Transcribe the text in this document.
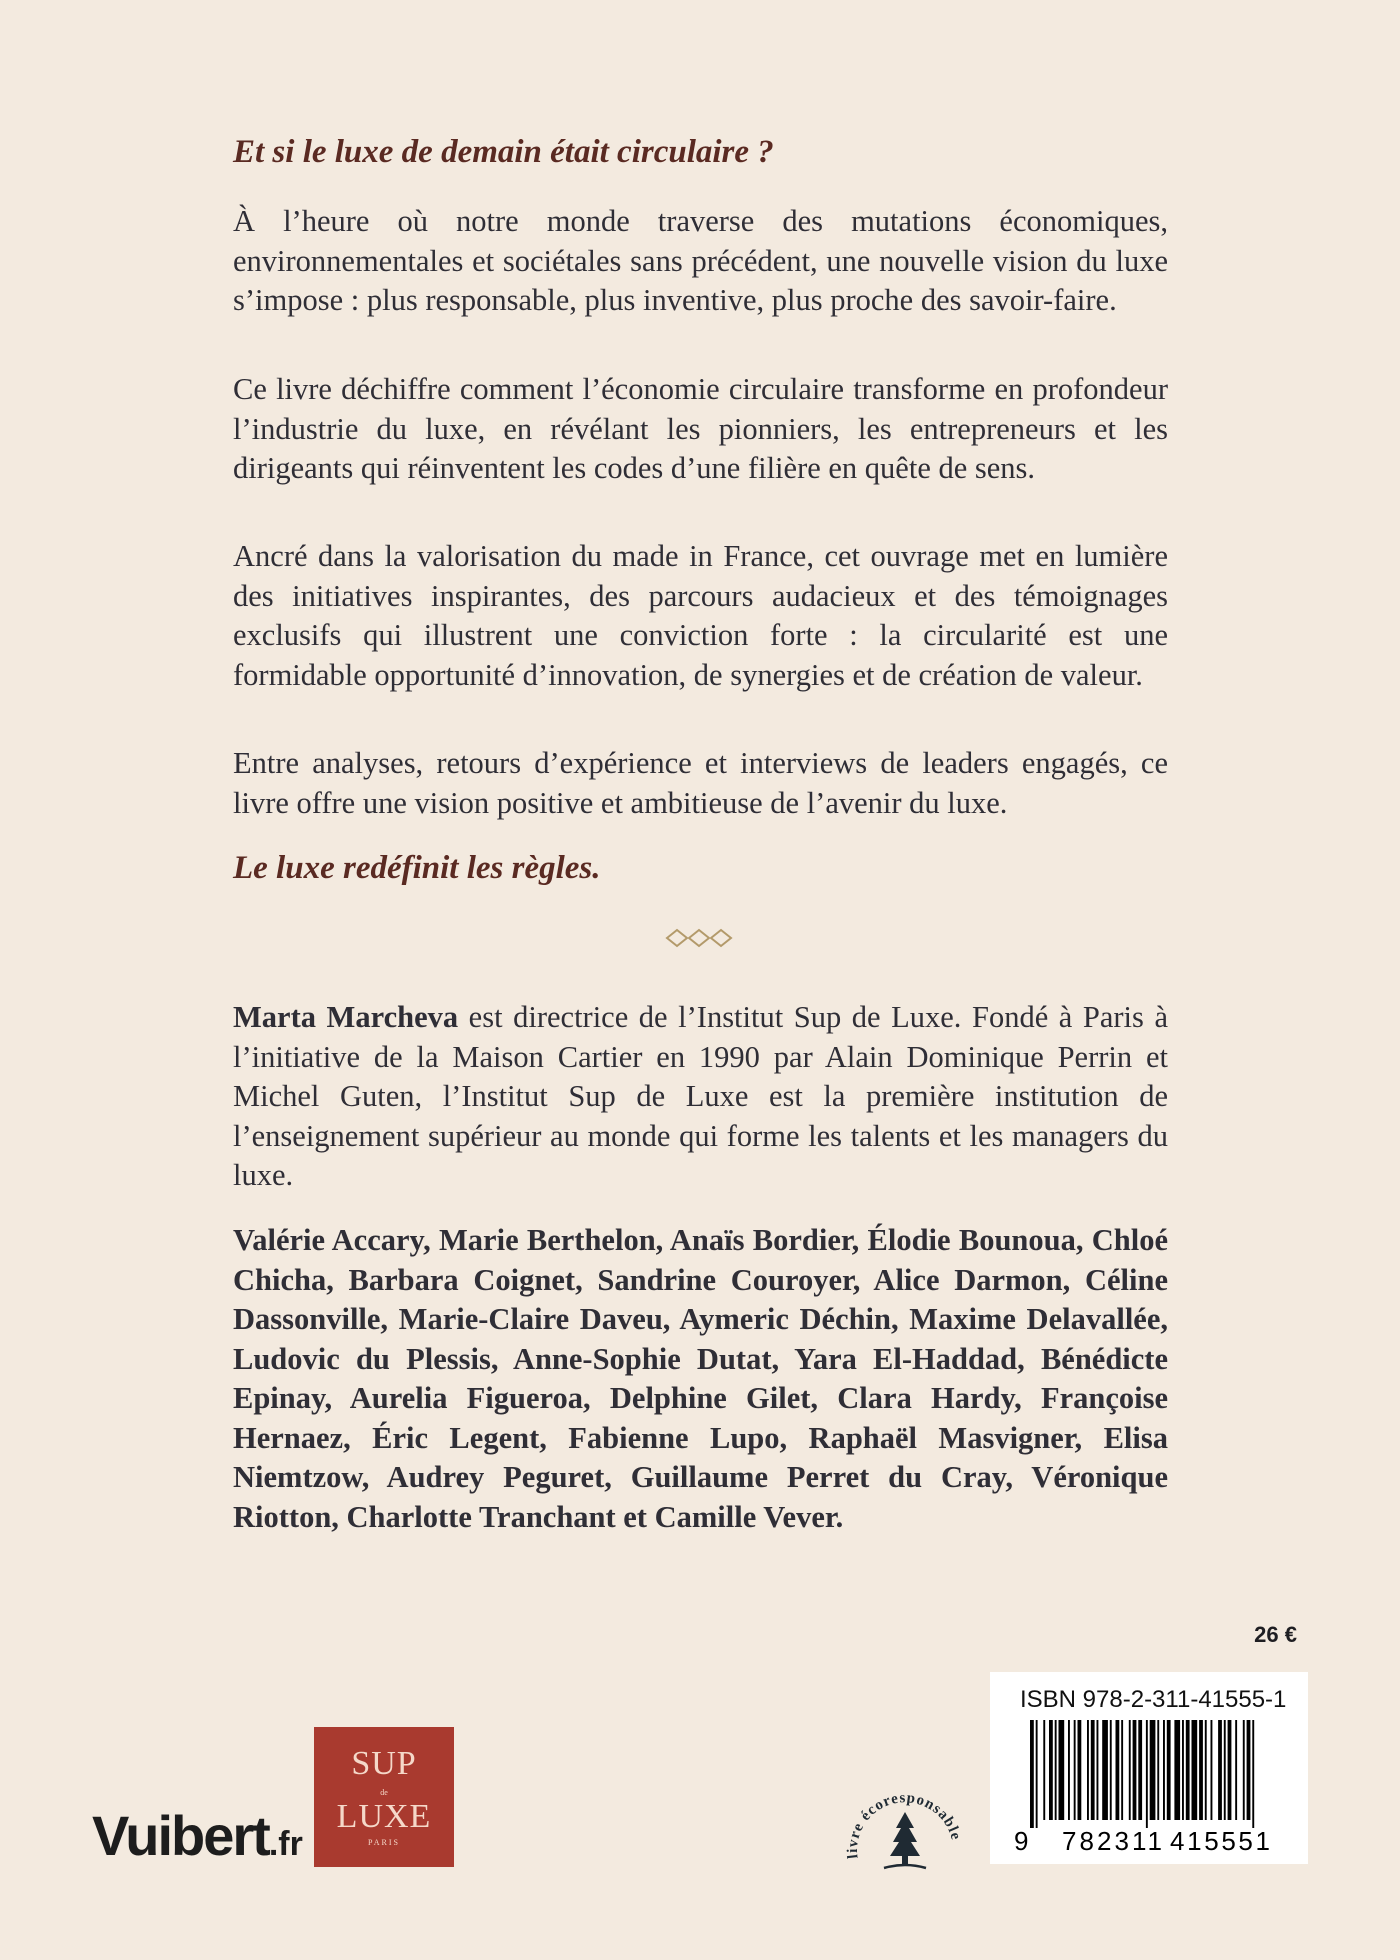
Et si le luxe de demain était circulaire ?

À l’heure où notre monde traverse des mutations économiques, environnementales et sociétales sans précédent, une nouvelle vision du luxe s’impose : plus responsable, plus inventive, plus proche des savoir-faire.

Ce livre déchiffre comment l’économie circulaire transforme en profondeur l’industrie du luxe, en révélant les pionniers, les entrepreneurs et les dirigeants qui réinventent les codes d’une filière en quête de sens.

Ancré dans la valorisation du made in France, cet ouvrage met en lumière des initiatives inspirantes, des parcours audacieux et des témoignages exclusifs qui illustrent une conviction forte : la circularité est une formidable opportunité d’innovation, de synergies et de création de valeur.

Entre analyses, retours d’expérience et interviews de leaders engagés, ce livre offre une vision positive et ambitieuse de l’avenir du luxe.

Le luxe redéfinit les règles.

Marta Marcheva est directrice de l’Institut Sup de Luxe. Fondé à Paris à l’initiative de la Maison Cartier en 1990 par Alain Dominique Perrin et Michel Guten, l’Institut Sup de Luxe est la première institution de l’enseignement supérieur au monde qui forme les talents et les managers du luxe.

Valérie Accary, Marie Berthelon, Anaïs Bordier, Élodie Bounoua, Chloé Chicha, Barbara Coignet, Sandrine Couroyer, Alice Darmon, Céline Dassonville, Marie-Claire Daveu, Aymeric Déchin, Maxime Delavallée, Ludovic du Plessis, Anne-Sophie Dutat, Yara El-Haddad, Bénédicte Epinay, Aurelia Figueroa, Delphine Gilet, Clara Hardy, Françoise Hernaez, Éric Legent, Fabienne Lupo, Raphaël Masvigner, Elisa Niemtzow, Audrey Peguret, Guillaume Perret du Cray, Véronique Riotton, Charlotte Tranchant et Camille Vever.

26 €
ISBN 978-2-311-41555-1
9 782311 415551
Vuibert.fr
SUP
de
LUXE
PARIS
livre écoresponsable
